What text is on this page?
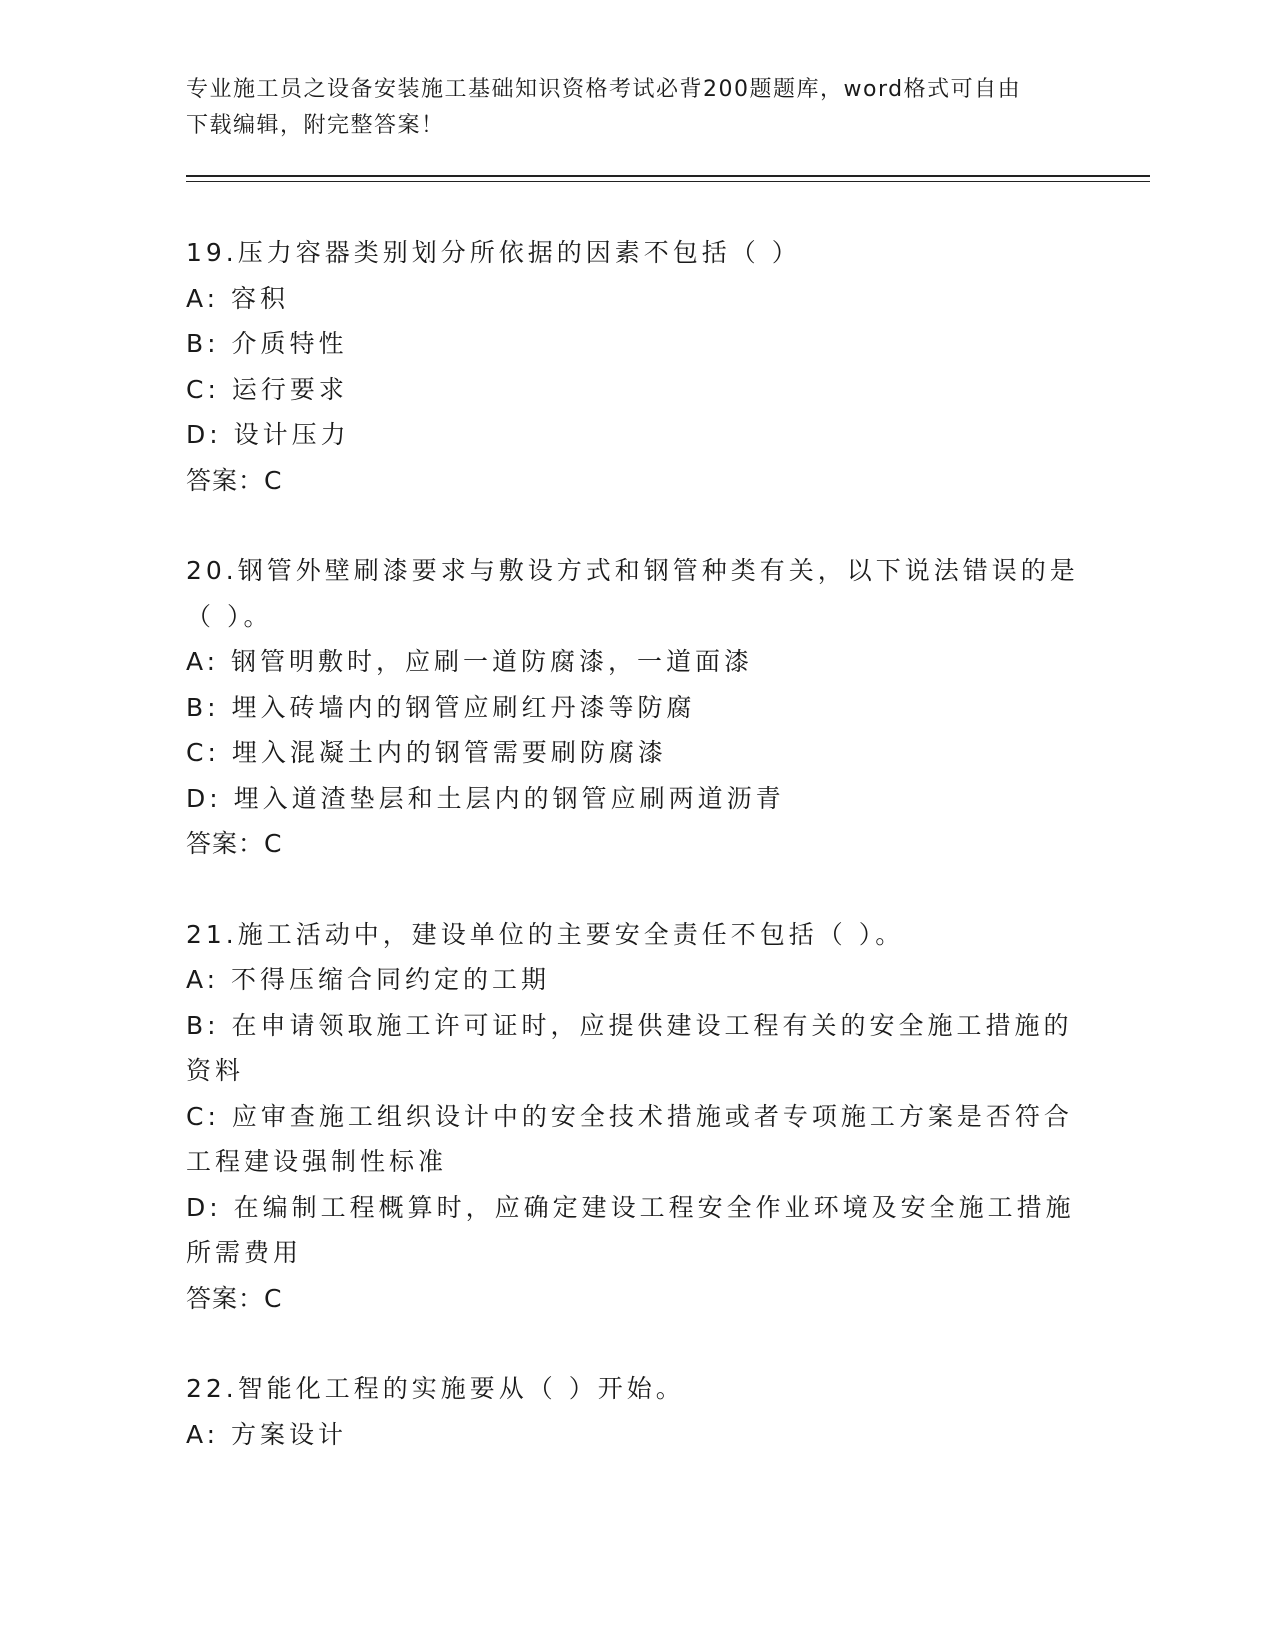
专业施工员之设备安装施工基础知识资格考试必背200题题库，word格式可自由
下载编辑，附完整答案！
19.压力容器类别划分所依据的因素不包括（ ）
A: 容积
B: 介质特性
C: 运行要求
D: 设计压力
答案：C
20.钢管外壁刷漆要求与敷设方式和钢管种类有关，以下说法错误的是
（ ）。
A: 钢管明敷时，应刷一道防腐漆，一道面漆
B: 埋入砖墙内的钢管应刷红丹漆等防腐
C: 埋入混凝土内的钢管需要刷防腐漆
D: 埋入道渣垫层和土层内的钢管应刷两道沥青
答案：C
21.施工活动中，建设单位的主要安全责任不包括（ ）。
A: 不得压缩合同约定的工期
B: 在申请领取施工许可证时，应提供建设工程有关的安全施工措施的
资料
C: 应审查施工组织设计中的安全技术措施或者专项施工方案是否符合
工程建设强制性标准
D: 在编制工程概算时，应确定建设工程安全作业环境及安全施工措施
所需费用
答案：C
22.智能化工程的实施要从（ ）开始。
A: 方案设计
